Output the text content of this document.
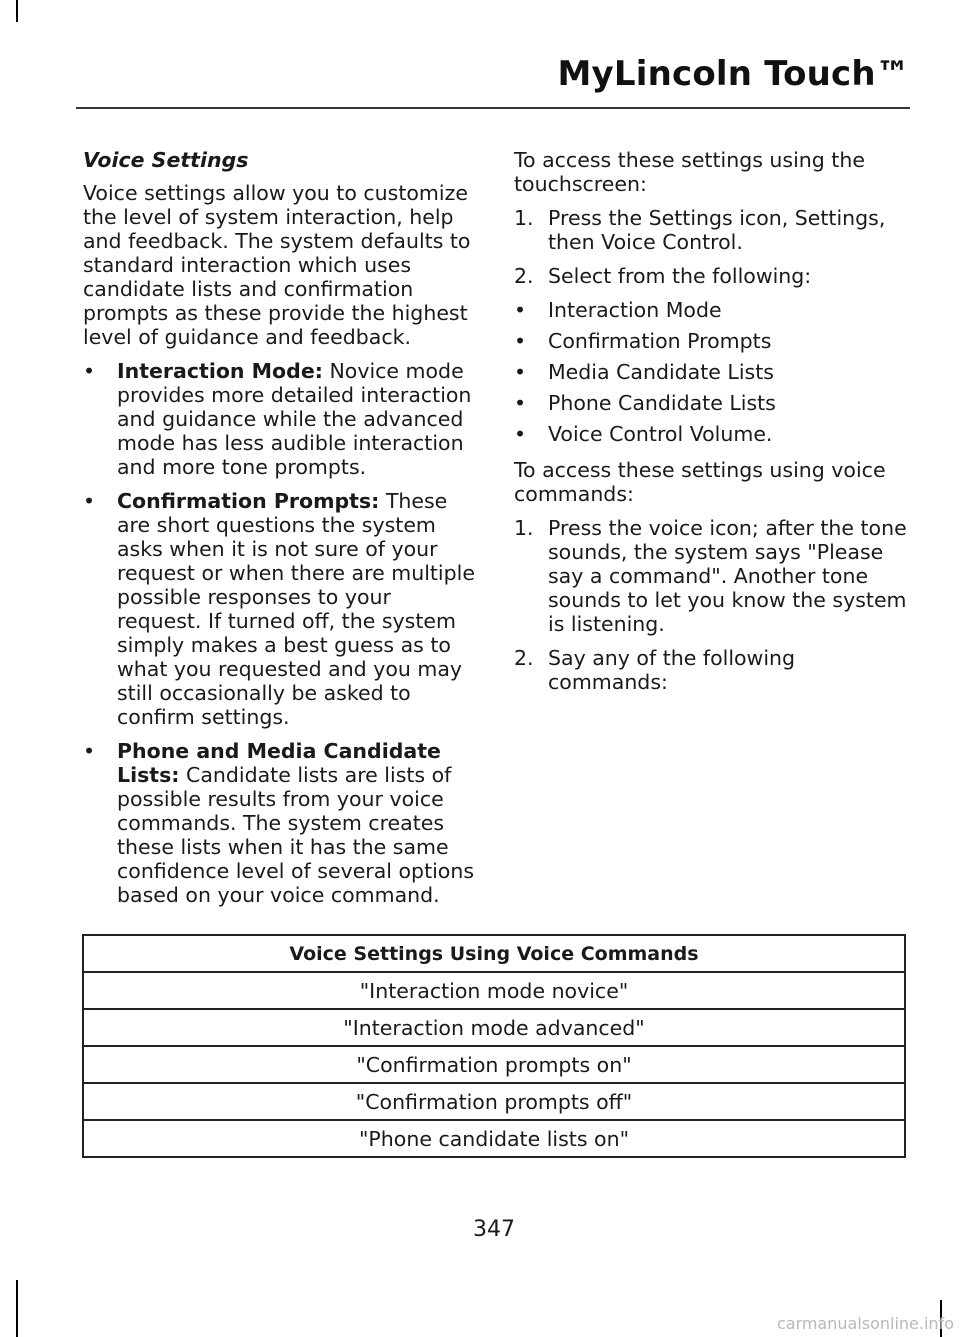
MyLincoln Touch™
Voice Settings

Voice settings allow you to customize the level of system interaction, help and feedback. The system defaults to standard interaction which uses candidate lists and confirmation prompts as these provide the highest level of guidance and feedback.

• Interaction Mode: Novice mode provides more detailed interaction and guidance while the advanced mode has less audible interaction and more tone prompts.
• Confirmation Prompts: These are short questions the system asks when it is not sure of your request or when there are multiple possible responses to your request. If turned off, the system simply makes a best guess as to what you requested and you may still occasionally be asked to confirm settings.
• Phone and Media Candidate Lists: Candidate lists are lists of possible results from your voice commands. The system creates these lists when it has the same confidence level of several options based on your voice command.

To access these settings using the touchscreen:

1. Press the Settings icon, Settings, then Voice Control.
2. Select from the following:
• Interaction Mode
• Confirmation Prompts
• Media Candidate Lists
• Phone Candidate Lists
• Voice Control Volume.

To access these settings using voice commands:

1. Press the voice icon; after the tone sounds, the system says "Please say a command". Another tone sounds to let you know the system is listening.
2. Say any of the following commands:
Voice Settings Using Voice Commands
"Interaction mode novice"
"Interaction mode advanced"
"Confirmation prompts on"
"Confirmation prompts off"
"Phone candidate lists on"
347
carmanualsonline.info
